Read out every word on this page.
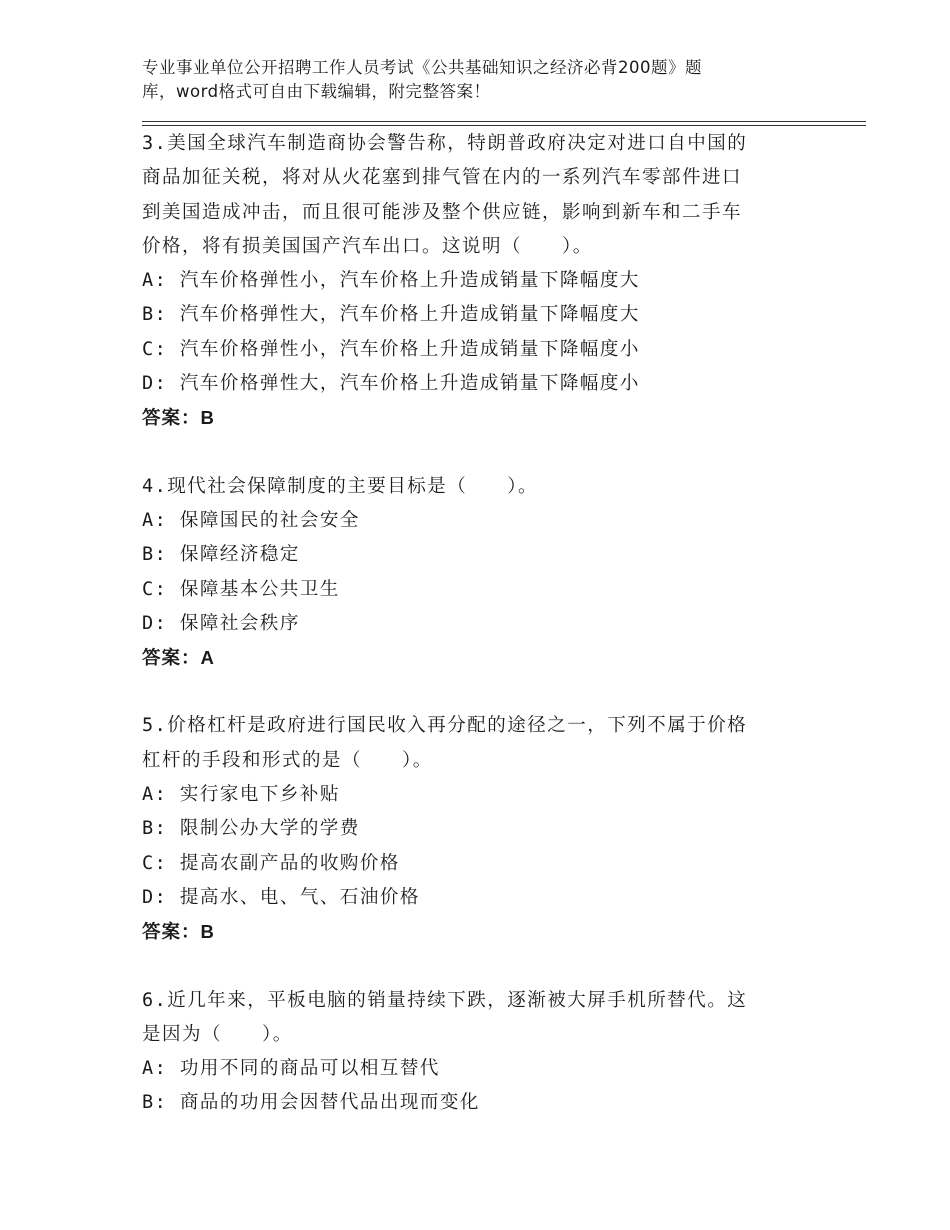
专业事业单位公开招聘工作人员考试《公共基础知识之经济必背200题》题
库，word格式可自由下载编辑，附完整答案！
3.美国全球汽车制造商协会警告称，特朗普政府决定对进口自中国的
商品加征关税，将对从火花塞到排气管在内的一系列汽车零部件进口
到美国造成冲击，而且很可能涉及整个供应链，影响到新车和二手车
价格，将有损美国国产汽车出口。这说明（　　）。
A: 汽车价格弹性小，汽车价格上升造成销量下降幅度大
B: 汽车价格弹性大，汽车价格上升造成销量下降幅度大
C: 汽车价格弹性小，汽车价格上升造成销量下降幅度小
D: 汽车价格弹性大，汽车价格上升造成销量下降幅度小
答案：B
4.现代社会保障制度的主要目标是（　　）。
A: 保障国民的社会安全
B: 保障经济稳定
C: 保障基本公共卫生
D: 保障社会秩序
答案：A
5.价格杠杆是政府进行国民收入再分配的途径之一，下列不属于价格
杠杆的手段和形式的是（　　）。
A: 实行家电下乡补贴
B: 限制公办大学的学费
C: 提高农副产品的收购价格
D: 提高水、电、气、石油价格
答案：B
6.近几年来，平板电脑的销量持续下跌，逐渐被大屏手机所替代。这
是因为（　　）。
A: 功用不同的商品可以相互替代
B: 商品的功用会因替代品出现而变化
